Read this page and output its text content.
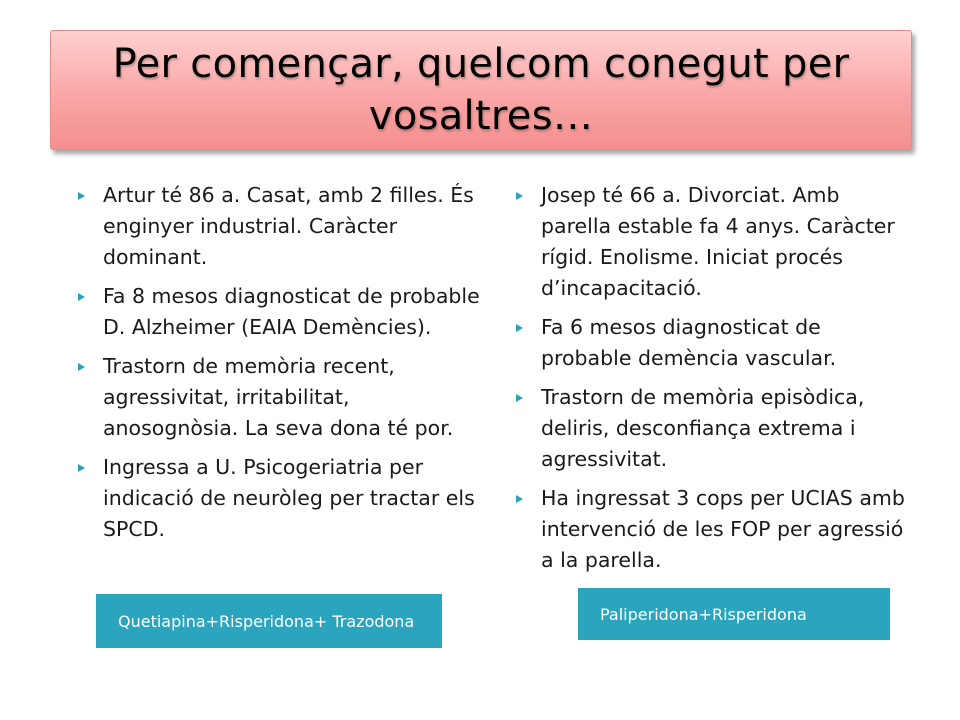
Per començar, quelcom conegut per vosaltres…
Artur té 86 a. Casat, amb 2 filles. És enginyer industrial. Caràcter dominant.
Fa 8 mesos diagnosticat de probable D. Alzheimer (EAIA Demències).
Trastorn de memòria recent, agressivitat, irritabilitat, anosognòsia. La seva dona té por.
Ingressa a U. Psicogeriatria per indicació de neuròleg per tractar els SPCD.
Josep té 66 a. Divorciat. Amb parella estable fa 4 anys. Caràcter rígid. Enolisme. Iniciat procés d’incapacitació.
Fa 6 mesos diagnosticat de probable demència vascular.
Trastorn de memòria episòdica, deliris, desconfiança extrema i agressivitat.
Ha ingressat 3 cops per UCIAS amb intervenció de les FOP per agressió a la parella.
Quetiapina+Risperidona+ Trazodona	Paliperidona+Risperidona
